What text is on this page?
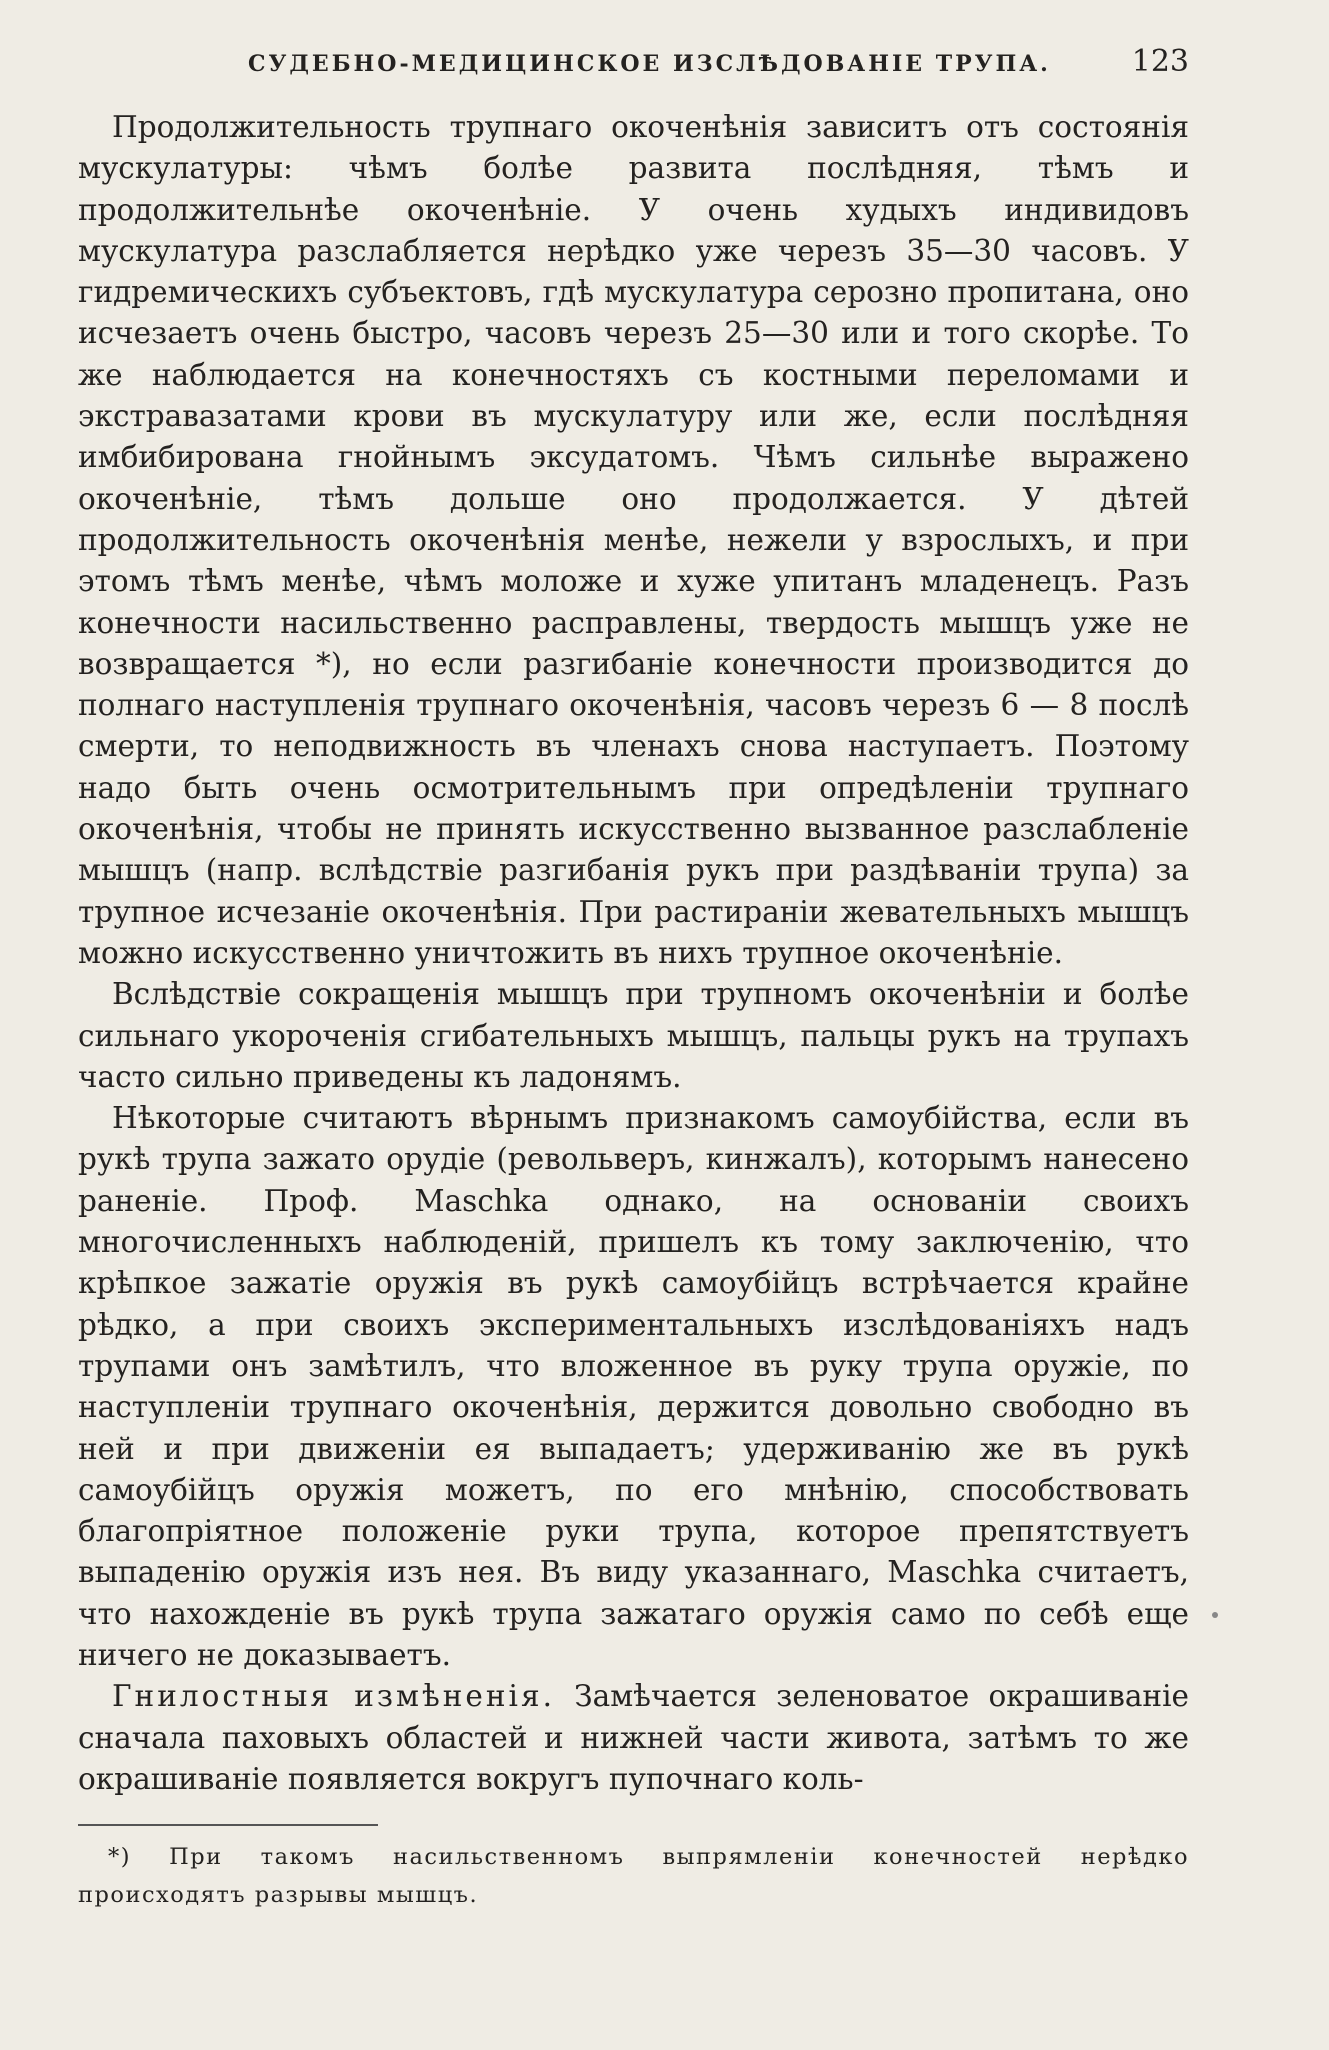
СУДЕБНО-МЕДИЦИНСКОЕ ИЗСЛѢДОВАНІЕ ТРУПА.	123

Продолжительность трупнаго окоченѣнія зависитъ отъ состоянія мускулатуры: чѣмъ болѣе развита послѣдняя, тѣмъ и продолжительнѣе окоченѣніе. У очень худыхъ индивидовъ мускулатура разслабляется нерѣдко уже черезъ 35—30 часовъ. У гидремическихъ субъектовъ, гдѣ мускулатура серозно пропитана, оно исчезаетъ очень быстро, часовъ черезъ 25—30 или и того скорѣе. То же наблюдается на конечностяхъ съ костными переломами и экстравазатами крови въ мускулатуру или же, если послѣдняя имбибирована гнойнымъ эксудатомъ. Чѣмъ сильнѣе выражено окоченѣніе, тѣмъ дольше оно продолжается. У дѣтей продолжительность окоченѣнія менѣе, нежели у взрослыхъ, и при этомъ тѣмъ менѣе, чѣмъ моложе и хуже упитанъ младенецъ. Разъ конечности насильственно расправлены, твердость мышцъ уже не возвращается *), но если разгибаніе конечности производится до полнаго наступленія трупнаго окоченѣнія, часовъ черезъ 6 — 8 послѣ смерти, то неподвижность въ членахъ снова наступаетъ. Поэтому надо быть очень осмотрительнымъ при опредѣленіи трупнаго окоченѣнія, чтобы не принять искусственно вызванное разслабленіе мышцъ (напр. вслѣдствіе разгибанія рукъ при раздѣваніи трупа) за трупное исчезаніе окоченѣнія. При растираніи жевательныхъ мышцъ можно искусственно уничтожить въ нихъ трупное окоченѣніе.

Вслѣдствіе сокращенія мышцъ при трупномъ окоченѣніи и болѣе сильнаго укороченія сгибательныхъ мышцъ, пальцы рукъ на трупахъ часто сильно приведены къ ладонямъ.

Нѣкоторые считаютъ вѣрнымъ признакомъ самоубійства, если въ рукѣ трупа зажато орудіе (револьверъ, кинжалъ), которымъ нанесено раненіе. Проф. Maschka однако, на основаніи своихъ многочисленныхъ наблюденій, пришелъ къ тому заключенію, что крѣпкое зажатіе оружія въ рукѣ самоубійцъ встрѣчается крайне рѣдко, а при своихъ экспериментальныхъ изслѣдованіяхъ надъ трупами онъ замѣтилъ, что вложенное въ руку трупа оружіе, по наступленіи трупнаго окоченѣнія, держится довольно свободно въ ней и при движеніи ея выпадаетъ; удерживанію же въ рукѣ самоубійцъ оружія можетъ, по его мнѣнію, способствовать благопріятное положеніе руки трупа, которое препятствуетъ выпаденію оружія изъ нея. Въ виду указаннаго, Maschka считаетъ, что нахожденіе въ рукѣ трупа зажатаго оружія само по себѣ еще ничего не доказываетъ.

Гнилостныя измѣненія. Замѣчается зеленоватое окрашиваніе сначала паховыхъ областей и нижней части живота, затѣмъ то же окрашиваніе появляется вокругъ пупочнаго коль-

*) При такомъ насильственномъ выпрямленіи конечностей нерѣдко происходятъ разрывы мышцъ.
